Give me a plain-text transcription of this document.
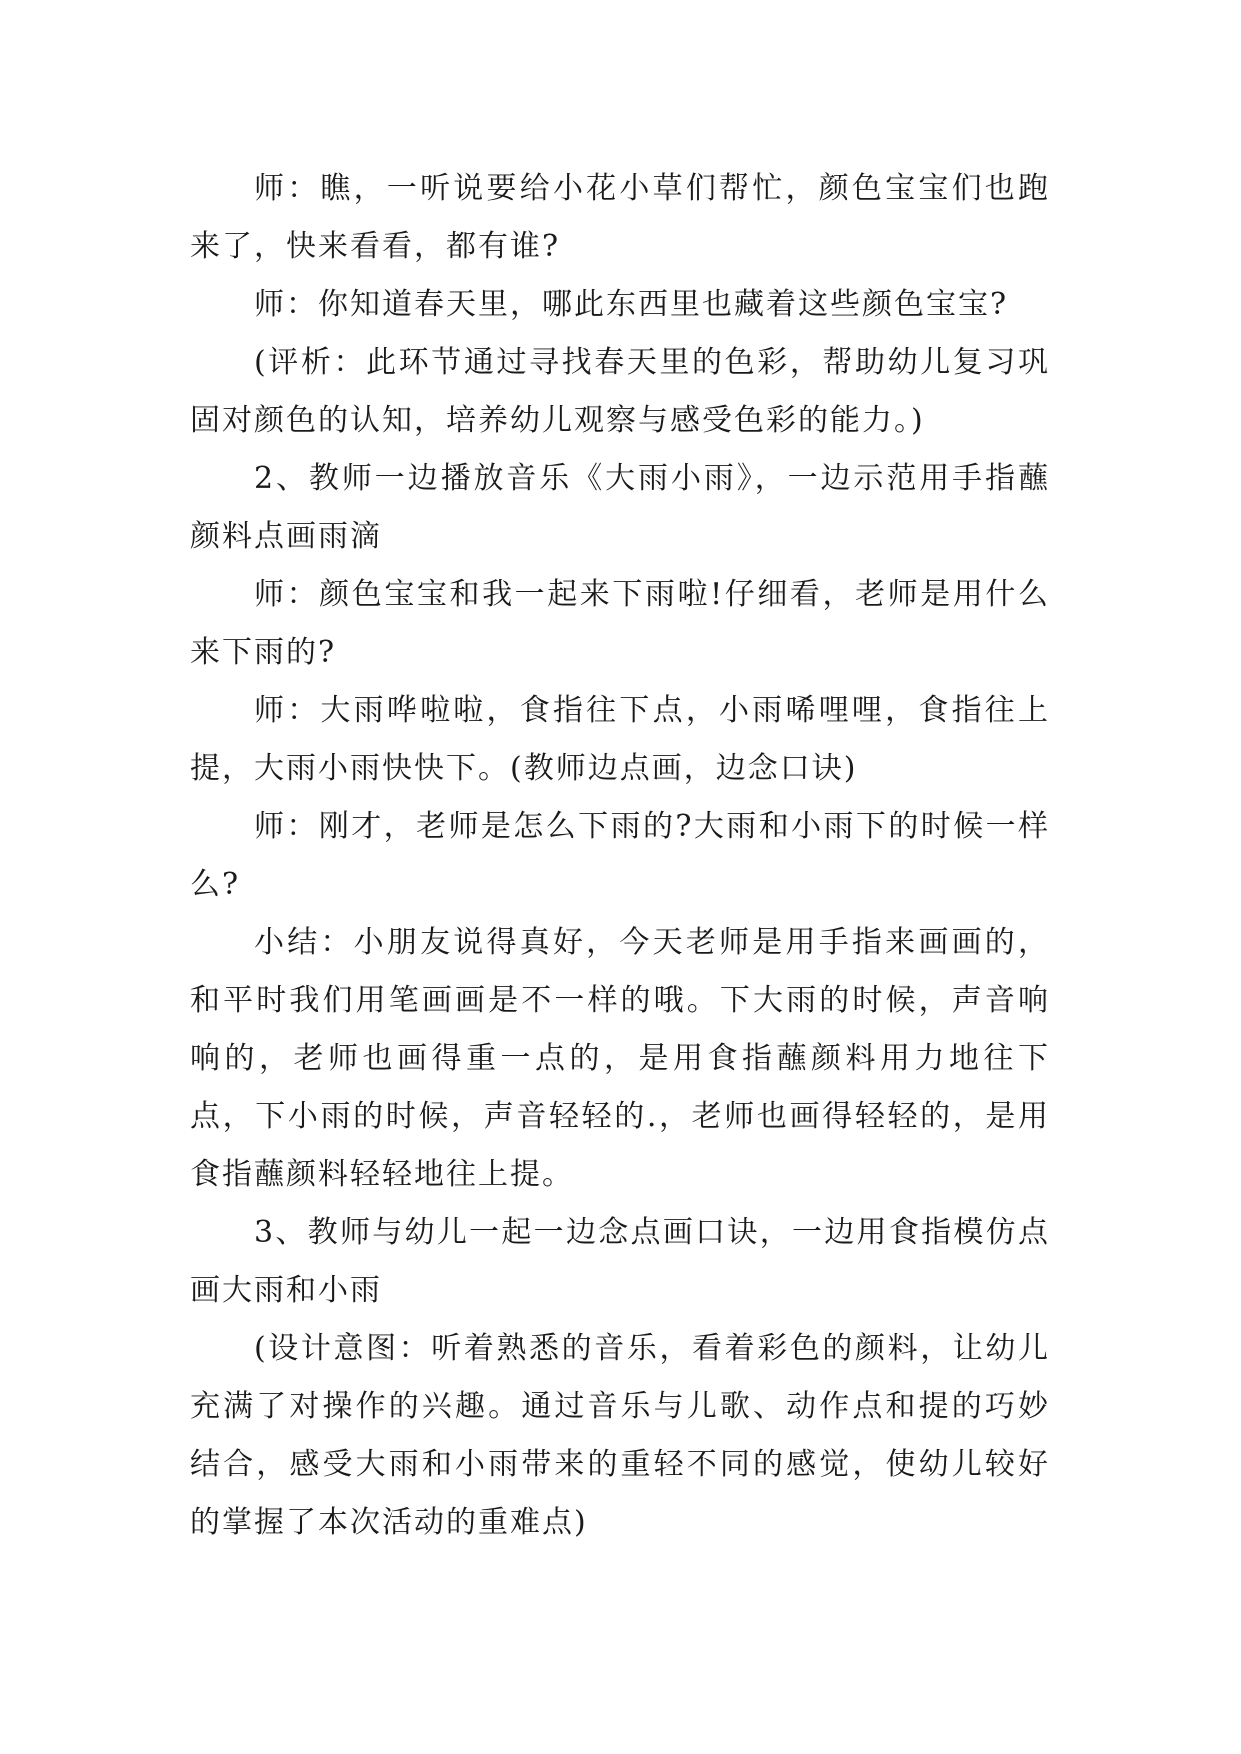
师：瞧，一听说要给小花小草们帮忙，颜色宝宝们也跑来了，快来看看，都有谁?

师：你知道春天里，哪此东西里也藏着这些颜色宝宝?

(评析：此环节通过寻找春天里的色彩，帮助幼儿复习巩固对颜色的认知，培养幼儿观察与感受色彩的能力。)

2、教师一边播放音乐《大雨小雨》，一边示范用手指蘸颜料点画雨滴

师：颜色宝宝和我一起来下雨啦!仔细看，老师是用什么来下雨的?

师：大雨哗啦啦，食指往下点，小雨唏哩哩，食指往上提，大雨小雨快快下。(教师边点画，边念口诀)

师：刚才，老师是怎么下雨的?大雨和小雨下的时候一样么?

小结：小朋友说得真好，今天老师是用手指来画画的，和平时我们用笔画画是不一样的哦。下大雨的时候，声音响响的，老师也画得重一点的，是用食指蘸颜料用力地往下点，下小雨的时候，声音轻轻的.，老师也画得轻轻的，是用食指蘸颜料轻轻地往上提。

3、教师与幼儿一起一边念点画口诀，一边用食指模仿点画大雨和小雨

(设计意图：听着熟悉的音乐，看着彩色的颜料，让幼儿充满了对操作的兴趣。通过音乐与儿歌、动作点和提的巧妙结合，感受大雨和小雨带来的重轻不同的感觉，使幼儿较好的掌握了本次活动的重难点)
